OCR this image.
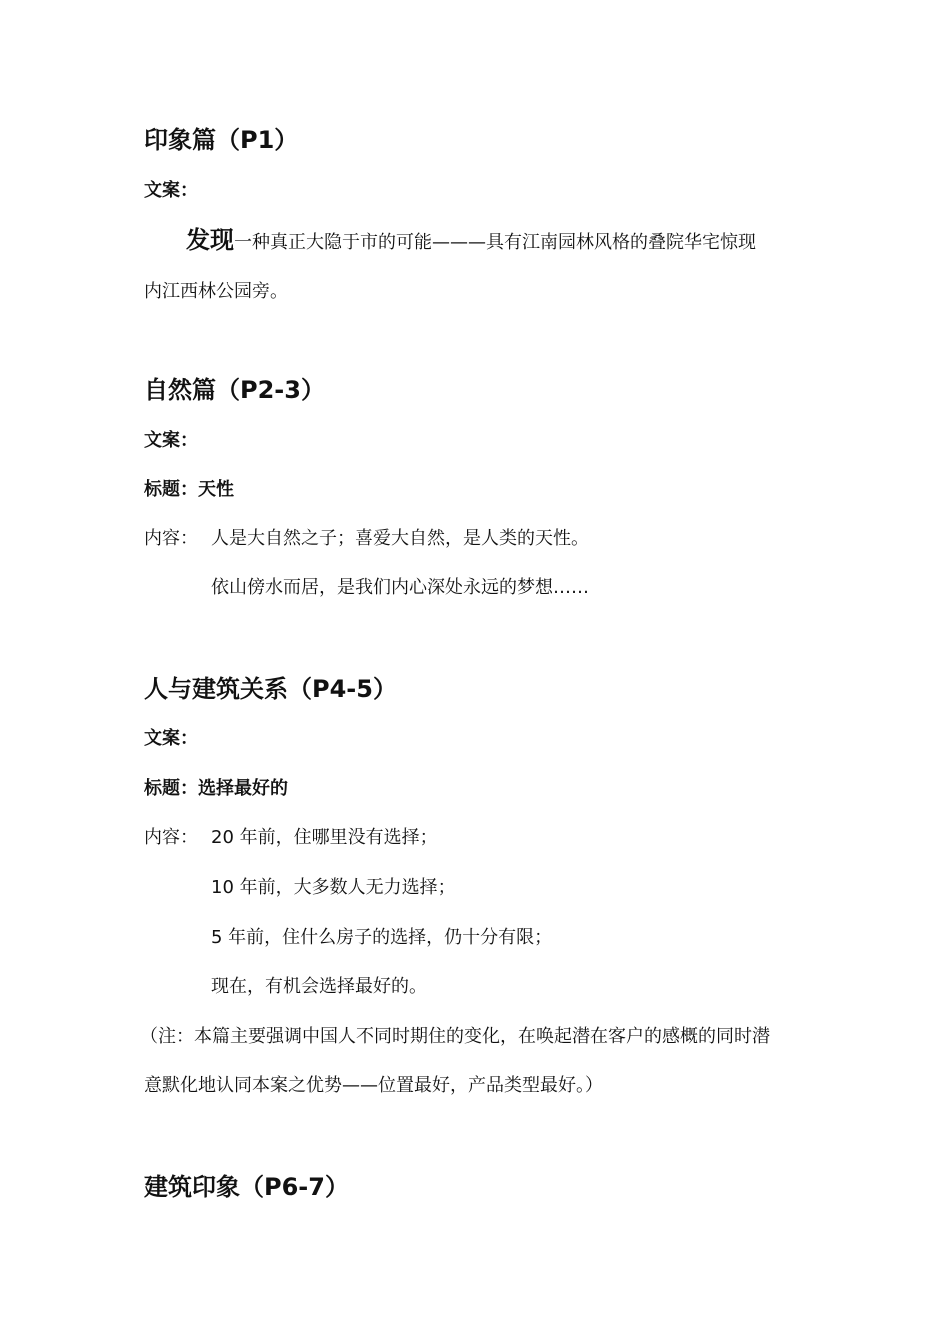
印象篇（P1）
文案：
发现一种真正大隐于市的可能———具有江南园林风格的叠院华宅惊现
内江西林公园旁。
自然篇（P2-3）
文案：
标题：天性
内容： 人是大自然之子；喜爱大自然，是人类的天性。
依山傍水而居，是我们内心深处永远的梦想……
人与建筑关系（P4-5）
文案：
标题：选择最好的
内容： 20 年前，住哪里没有选择；
10 年前，大多数人无力选择；
5 年前，住什么房子的选择，仍十分有限；
现在，有机会选择最好的。
（注：本篇主要强调中国人不同时期住的变化，在唤起潜在客户的感概的同时潜
意默化地认同本案之优势——位置最好，产品类型最好。）
建筑印象（P6-7）
